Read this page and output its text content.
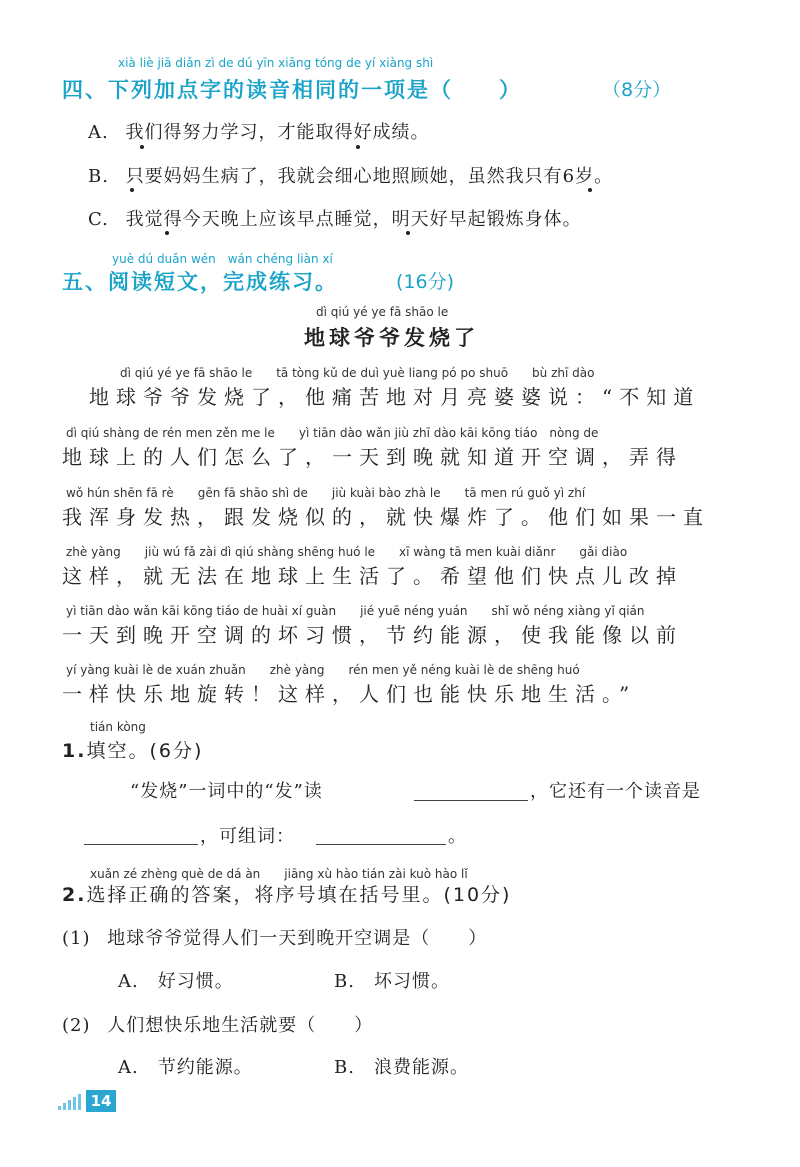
xià liè jiā diǎn zì de dú yīn xiāng tóng de yí xiàng shì
四、下列加点字的读音相同的一项是（　　）	（8分）
A. 我们得努力学习，才能取得好成绩。
B. 只要妈妈生病了，我就会细心地照顾她，虽然我只有6岁。
C. 我觉得今天晚上应该早点睡觉，明天好早起锻炼身体。
yuè dú duǎn wén　wán chéng liàn xí
五、阅读短文，完成练习。	(16分)
dì qiú yé ye fā shāo le
地球爷爷发烧了
dì qiú yé ye fā shāo le　　tā tòng kǔ de duì yuè liang pó po shuō　　bù zhī dào
　地球爷爷发烧了，他痛苦地对月亮婆婆说：“不知道
dì qiú shàng de rén men zěn me le　　yì tiān dào wǎn jiù zhī dào kāi kōng tiáo　nòng de
地球上的人们怎么了，一天到晚就知道开空调，弄得
wǒ hún shēn fā rè　　gēn fā shāo shì de　　jiù kuài bào zhà le　　tā men rú guǒ yì zhí
我浑身发热，跟发烧似的，就快爆炸了。他们如果一直
zhè yàng　　jiù wú fǎ zài dì qiú shàng shēng huó le　　xī wàng tā men kuài diǎnr　　gǎi diào
这样，就无法在地球上生活了。希望他们快点儿改掉
yì tiān dào wǎn kāi kōng tiáo de huài xí guàn　　jié yuē néng yuán　　shǐ wǒ néng xiàng yǐ qián
一天到晚开空调的坏习惯，节约能源，使我能像以前
yí yàng kuài lè de xuán zhuǎn　　zhè yàng　　rén men yě néng kuài lè de shēng huó
一样快乐地旋转！这样，人们也能快乐地生活。”
tián kòng
1.填空。(6分)
“发烧”一词中的“发”读	，它还有一个读音是
，可组词：	。
xuǎn zé zhèng què de dá àn　　jiāng xù hào tián zài kuò hào lǐ
2.选择正确的答案，将序号填在括号里。(10分)
(1) 地球爷爷觉得人们一天到晚开空调是（　　）
A.　好习惯。	B.　坏习惯。
(2) 人们想快乐地生活就要（　　）
A.　节约能源。	B.　浪费能源。
14
